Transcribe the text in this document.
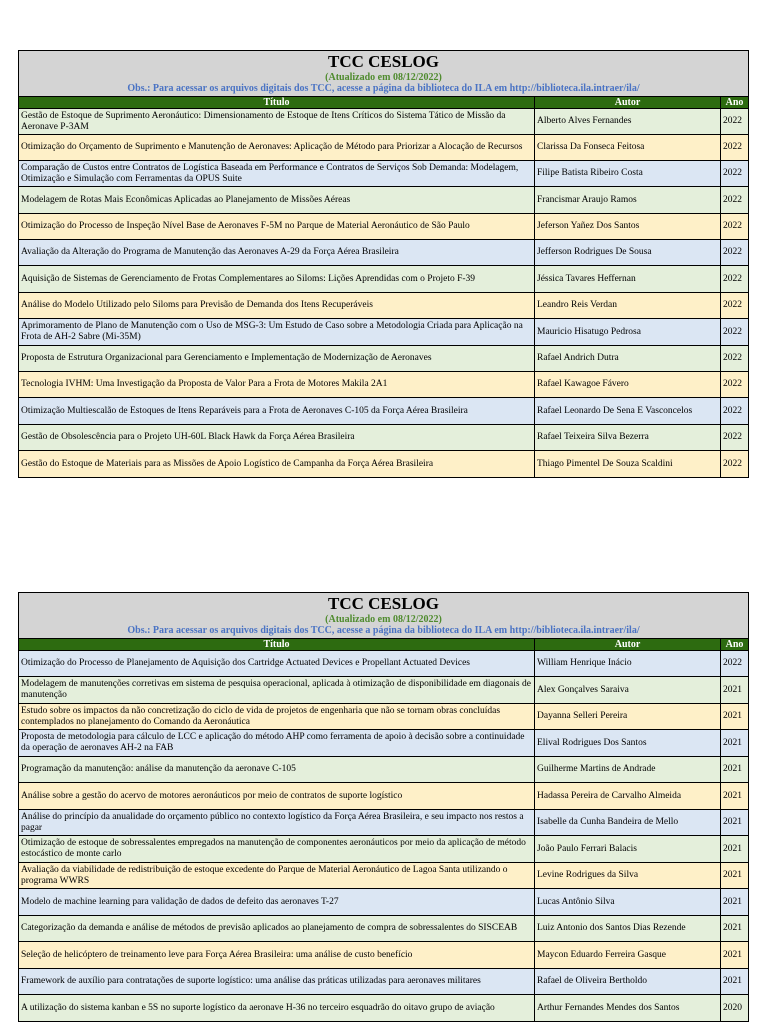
TCC CESLOG
(Atualizado em 08/12/2022)
Obs.: Para acessar os arquivos digitais dos TCC, acesse a página da biblioteca do ILA em http://biblioteca.ila.intraer/ila/		

Título	Autor	Ano
Gestão de Estoque de Suprimento Aeronáutico: Dimensionamento de Estoque de Itens Críticos do Sistema Tático de Missão da Aeronave P-3AM	Alberto Alves Fernandes	2022
Otimização do Orçamento de Suprimento e Manutenção de Aeronaves: Aplicação de Método para Priorizar a Alocação de Recursos	Clarissa Da Fonseca Feitosa	2022
Comparação de Custos entre Contratos de Logística Baseada em Performance e Contratos de Serviços Sob Demanda: Modelagem, Otimização e Simulação com Ferramentas da OPUS Suite	Filipe Batista Ribeiro Costa	2022
Modelagem de Rotas Mais Econômicas Aplicadas ao Planejamento de Missões Aéreas	Francismar Araujo Ramos	2022
Otimização do Processo de Inspeção Nível Base de Aeronaves F-5M no Parque de Material Aeronáutico de São Paulo	Jeferson Yañez Dos Santos	2022
Avaliação da Alteração do Programa de Manutenção das Aeronaves A-29 da Força Aérea Brasileira	Jefferson Rodrigues De Sousa	2022
Aquisição de Sistemas de Gerenciamento de Frotas Complementares ao Siloms: Lições Aprendidas com o Projeto F-39	Jéssica Tavares Heffernan	2022
Análise do Modelo Utilizado pelo Siloms para Previsão de Demanda dos Itens Recuperáveis	Leandro Reis Verdan	2022
Aprimoramento de Plano de Manutenção com o Uso de MSG-3: Um Estudo de Caso sobre a Metodologia Criada para Aplicação na Frota de AH-2 Sabre (Mi-35M)	Mauricio Hisatugo Pedrosa	2022
Proposta de Estrutura Organizacional para Gerenciamento e Implementação de Modernização de Aeronaves	Rafael Andrich Dutra	2022
Tecnologia IVHM: Uma Investigação da Proposta de Valor Para a Frota de Motores Makila 2A1	Rafael Kawagoe Fávero	2022
Otimização Multiescalão de Estoques de Itens Reparáveis para a Frota de Aeronaves C-105 da Força Aérea Brasileira	Rafael Leonardo De Sena E Vasconcelos	2022
Gestão de Obsolescência para o Projeto UH-60L Black Hawk da Força Aérea Brasileira	Rafael Teixeira Silva Bezerra	2022
Gestão do Estoque de Materiais para as Missões de Apoio Logístico de Campanha da Força Aérea Brasileira	Thiago Pimentel De Souza Scaldini	2022
TCC CESLOG
(Atualizado em 08/12/2022)
Obs.: Para acessar os arquivos digitais dos TCC, acesse a página da biblioteca do ILA em http://biblioteca.ila.intraer/ila/		

Título	Autor	Ano
Otimização do Processo de Planejamento de Aquisição dos Cartridge Actuated Devices e Propellant Actuated Devices	William Henrique Inácio	2022
Modelagem de manutenções corretivas em sistema de pesquisa operacional, aplicada à otimização de disponibilidade em diagonais de manutenção	Alex Gonçalves Saraiva	2021
Estudo sobre os impactos da não concretização do ciclo de vida de projetos de engenharia que não se tornam obras concluídas contemplados no planejamento do Comando da Aeronáutica	Dayanna Selleri Pereira	2021
Proposta de metodologia para cálculo de LCC e aplicação do método AHP como ferramenta de apoio à decisão sobre a continuidade da operação de aeronaves AH-2 na FAB	Elival Rodrigues Dos Santos	2021
Programação da manutenção: análise da manutenção da aeronave C-105	Guilherme Martins de Andrade	2021
Análise sobre a gestão do acervo de motores aeronáuticos por meio de contratos de suporte logístico	Hadassa Pereira de Carvalho Almeida	2021
Análise do princípio da anualidade do orçamento público no contexto logístico da Força Aérea Brasileira, e seu impacto nos restos a pagar	Isabelle da Cunha Bandeira de Mello	2021
Otimização de estoque de sobressalentes empregados na manutenção de componentes aeronáuticos por meio da aplicação de método estocástico de monte carlo	João Paulo Ferrari Balacis	2021
Avaliação da viabilidade de redistribuição de estoque excedente do Parque de Material Aeronáutico de Lagoa Santa utilizando o programa WWRS	Levine Rodrigues da Silva	2021
Modelo de machine learning para validação de dados de defeito das aeronaves T-27	Lucas Antônio Silva	2021
Categorização da demanda e análise de métodos de previsão aplicados ao planejamento de compra de sobressalentes do SISCEAB	Luiz Antonio dos Santos Dias Rezende	2021
Seleção de helicóptero de treinamento leve para Força Aérea Brasileira: uma análise de custo benefício	Maycon Eduardo Ferreira Gasque	2021
Framework de auxílio para contratações de suporte logístico: uma análise das práticas utilizadas para aeronaves militares	Rafael de Oliveira Bertholdo	2021
A utilização do sistema kanban e 5S no suporte logístico da aeronave H-36 no terceiro esquadrão do oitavo grupo de aviação	Arthur Fernandes Mendes dos Santos	2020
